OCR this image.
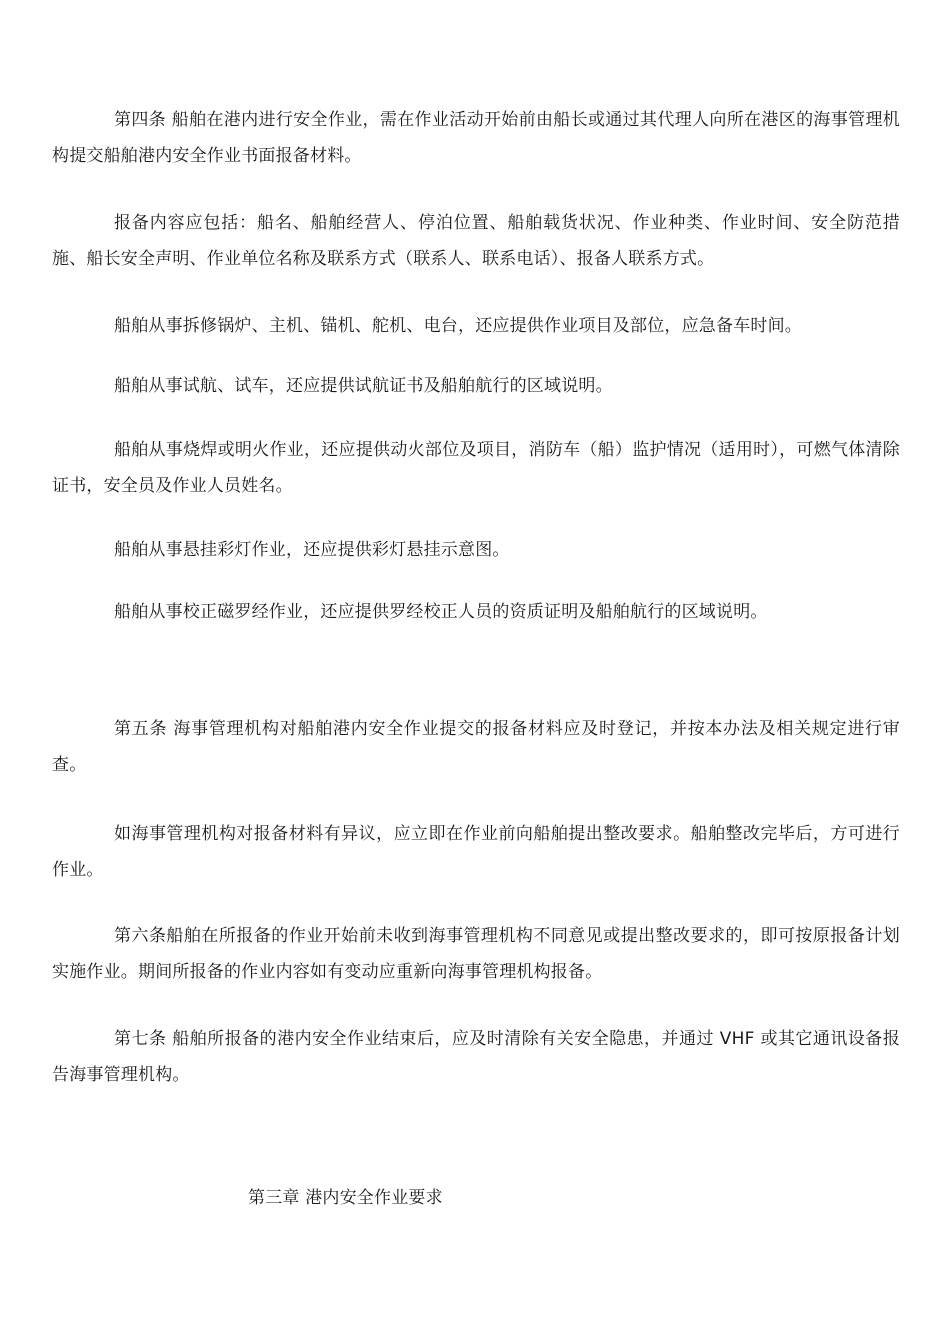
第四条 船舶在港内进行安全作业，需在作业活动开始前由船长或通过其代理人向所在港区的海事管理机构提交船舶港内安全作业书面报备材料。

报备内容应包括：船名、船舶经营人、停泊位置、船舶载货状况、作业种类、作业时间、安全防范措施、船长安全声明、作业单位名称及联系方式（联系人、联系电话）、报备人联系方式。

船舶从事拆修锅炉、主机、锚机、舵机、电台，还应提供作业项目及部位，应急备车时间。

船舶从事试航、试车，还应提供试航证书及船舶航行的区域说明。

船舶从事烧焊或明火作业，还应提供动火部位及项目，消防车（船）监护情况（适用时），可燃气体清除证书，安全员及作业人员姓名。

船舶从事悬挂彩灯作业，还应提供彩灯悬挂示意图。

船舶从事校正磁罗经作业，还应提供罗经校正人员的资质证明及船舶航行的区域说明。

第五条 海事管理机构对船舶港内安全作业提交的报备材料应及时登记，并按本办法及相关规定进行审查。

如海事管理机构对报备材料有异议，应立即在作业前向船舶提出整改要求。船舶整改完毕后，方可进行作业。

第六条船舶在所报备的作业开始前未收到海事管理机构不同意见或提出整改要求的，即可按原报备计划实施作业。期间所报备的作业内容如有变动应重新向海事管理机构报备。

第七条 船舶所报备的港内安全作业结束后，应及时清除有关安全隐患，并通过 VHF 或其它通讯设备报告海事管理机构。

第三章 港内安全作业要求
